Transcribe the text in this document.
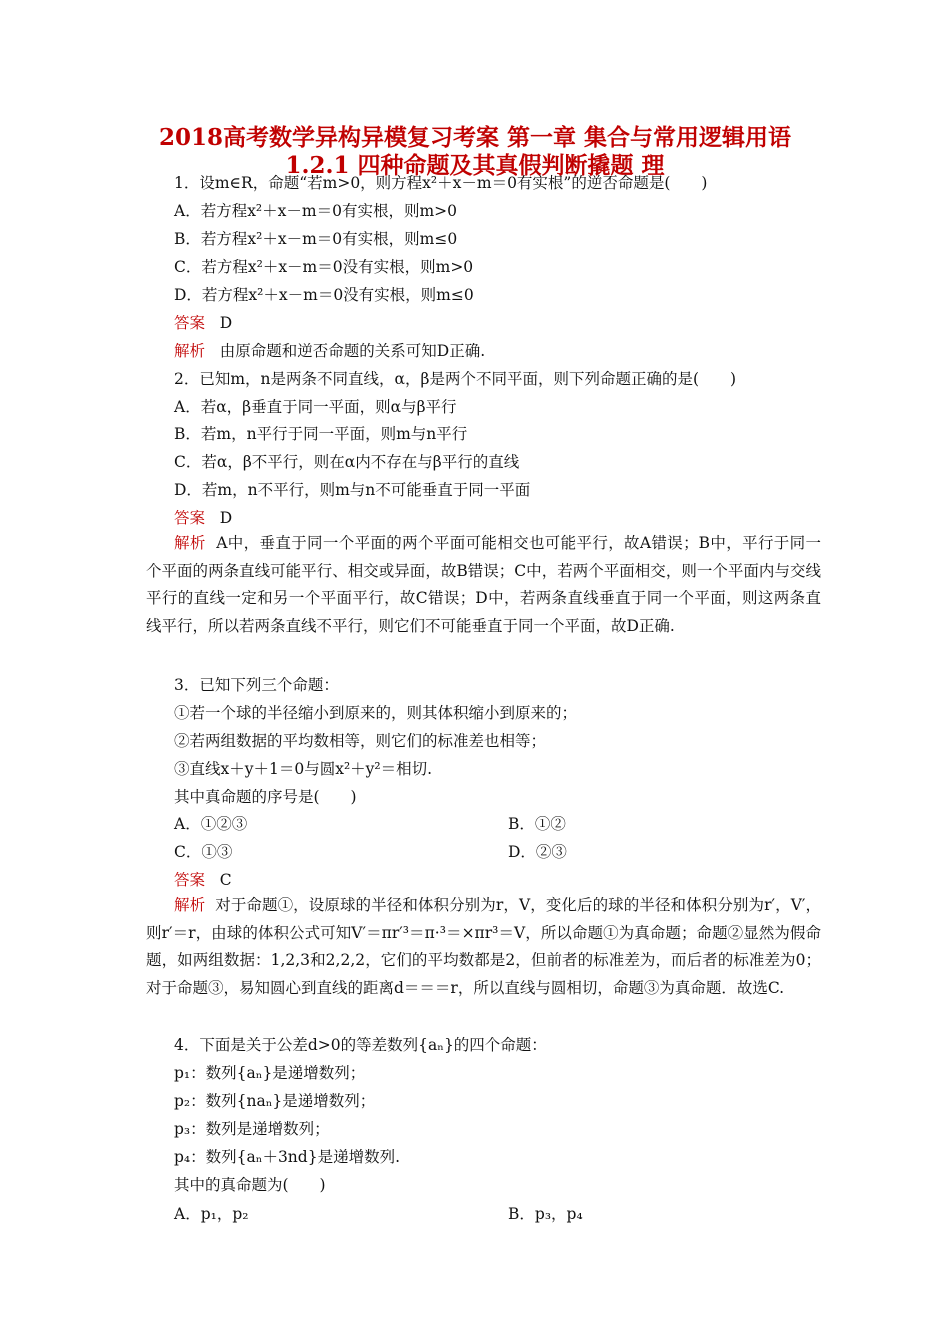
2018高考数学异构异模复习考案 第一章 集合与常用逻辑用语
1.2.1 四种命题及其真假判断撬题 理
1．设m∈R，命题“若m>0，则方程x²＋x－m＝0有实根”的逆否命题是(　　)
A．若方程x²＋x－m＝0有实根，则m>0
B．若方程x²＋x－m＝0有实根，则m≤0
C．若方程x²＋x－m＝0没有实根，则m>0
D．若方程x²＋x－m＝0没有实根，则m≤0
答案 D
解析 由原命题和逆否命题的关系可知D正确.
2．已知m，n是两条不同直线，α，β是两个不同平面，则下列命题正确的是(　　)
A．若α，β垂直于同一平面，则α与β平行
B．若m，n平行于同一平面，则m与n平行
C．若α，β不平行，则在α内不存在与β平行的直线
D．若m，n不平行，则m与n不可能垂直于同一平面
答案 D
解析 A中，垂直于同一个平面的两个平面可能相交也可能平行，故A错误；B中，平行于同一个平面的两条直线可能平行、相交或异面，故B错误；C中，若两个平面相交，则一个平面内与交线平行的直线一定和另一个平面平行，故C错误；D中，若两条直线垂直于同一个平面，则这两条直线平行，所以若两条直线不平行，则它们不可能垂直于同一个平面，故D正确.
3．已知下列三个命题：
①若一个球的半径缩小到原来的，则其体积缩小到原来的；
②若两组数据的平均数相等，则它们的标准差也相等；
③直线x＋y＋1＝0与圆x²＋y²＝相切.
其中真命题的序号是(　　)
A．①②③	B．①②
C．①③	D．②③
答案 C
解析 对于命题①，设原球的半径和体积分别为r，V，变化后的球的半径和体积分别为r′，V′，则r′＝r，由球的体积公式可知V′＝πr′³＝π·³＝×πr³＝V，所以命题①为真命题；命题②显然为假命题，如两组数据：1,2,3和2,2,2，它们的平均数都是2，但前者的标准差为，而后者的标准差为0；对于命题③，易知圆心到直线的距离d＝＝＝r，所以直线与圆相切，命题③为真命题．故选C.
4．下面是关于公差d>0的等差数列{aₙ}的四个命题：
p₁：数列{aₙ}是递增数列；
p₂：数列{naₙ}是递增数列；
p₃：数列是递增数列；
p₄：数列{aₙ＋3nd}是递增数列.
其中的真命题为(　　)
A．p₁，p₂	B．p₃，p₄
